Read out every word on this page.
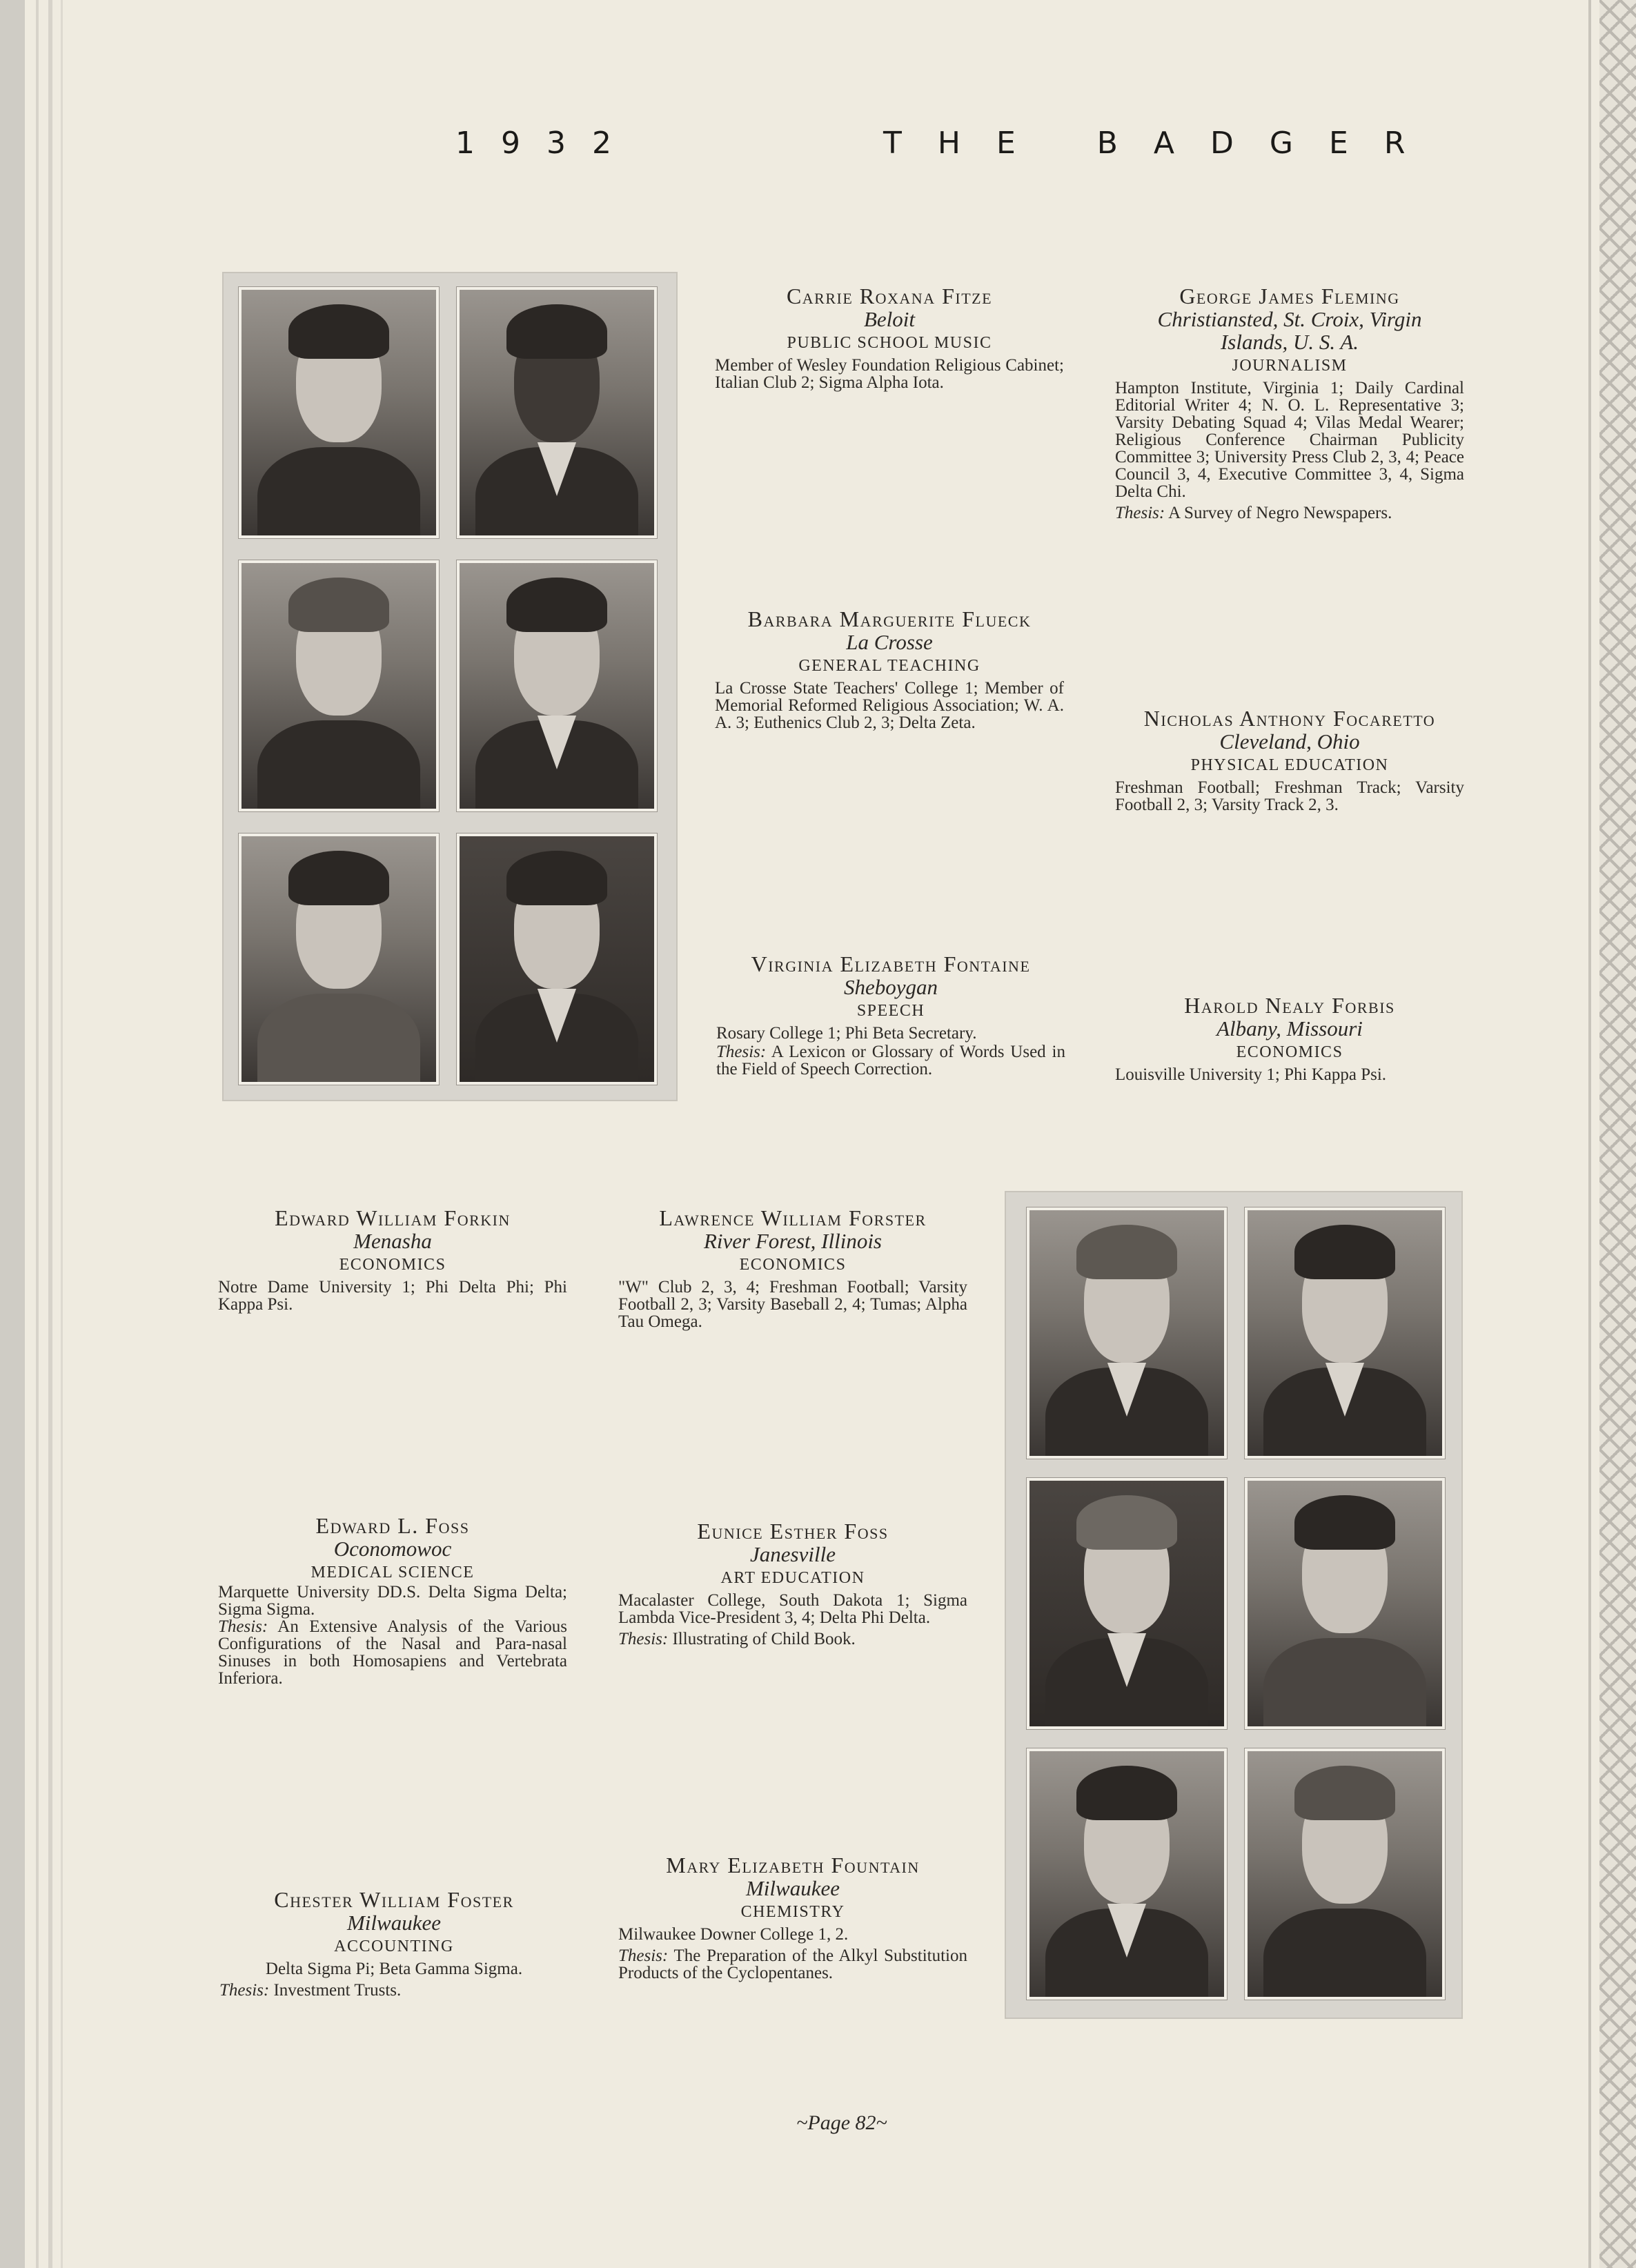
1932	THE BADGER
Carrie Roxana Fitze
Beloit
PUBLIC SCHOOL MUSIC
Member of Wesley Foundation Religious Cabinet; Italian Club 2; Sigma Alpha Iota.
George James Fleming
Christiansted, St. Croix, Virgin Islands, U. S. A.
JOURNALISM
Hampton Institute, Virginia 1; Daily Cardinal Editorial Writer 4; N. O. L. Representative 3; Varsity Debating Squad 4; Vilas Medal Wearer; Religious Conference Chairman Publicity Committee 3; University Press Club 2, 3, 4; Peace Council 3, 4, Executive Committee 3, 4, Sigma Delta Chi.
Thesis: A Survey of Negro Newspapers.
Barbara Marguerite Flueck
La Crosse
GENERAL TEACHING
La Crosse State Teachers' College 1; Member of Memorial Reformed Religious Association; W. A. A. 3; Euthenics Club 2, 3; Delta Zeta.	Nicholas Anthony Focaretto
Cleveland, Ohio
PHYSICAL EDUCATION
Freshman Football; Freshman Track; Varsity Football 2, 3; Varsity Track 2, 3.
Virginia Elizabeth Fontaine
Sheboygan
SPEECH
Rosary College 1; Phi Beta Secretary.
Thesis: A Lexicon or Glossary of Words Used in the Field of Speech Correction.
Harold Nealy Forbis
Albany, Missouri
ECONOMICS
Louisville University 1; Phi Kappa Psi.
Edward William Forkin
Menasha
ECONOMICS
Notre Dame University 1; Phi Delta Phi; Phi Kappa Psi.
Lawrence William Forster
River Forest, Illinois
ECONOMICS
"W" Club 2, 3, 4; Freshman Football; Varsity Football 2, 3; Varsity Baseball 2, 4; Tumas; Alpha Tau Omega.
Edward L. Foss
Oconomowoc
MEDICAL SCIENCE
Marquette University DD.S. Delta Sigma Delta; Sigma Sigma.
Thesis: An Extensive Analysis of the Various Configurations of the Nasal and Para-nasal Sinuses in both Homosapiens and Vertebrata Inferiora.
Eunice Esther Foss
Janesville
ART EDUCATION
Macalaster College, South Dakota 1; Sigma Lambda Vice-President 3, 4; Delta Phi Delta.
Thesis: Illustrating of Child Book.
Chester William Foster
Milwaukee
ACCOUNTING
Delta Sigma Pi; Beta Gamma Sigma.
Thesis: Investment Trusts.
Mary Elizabeth Fountain
Milwaukee
CHEMISTRY
Milwaukee Downer College 1, 2.
Thesis: The Preparation of the Alkyl Substitution Products of the Cyclopentanes.
~Page 82~
